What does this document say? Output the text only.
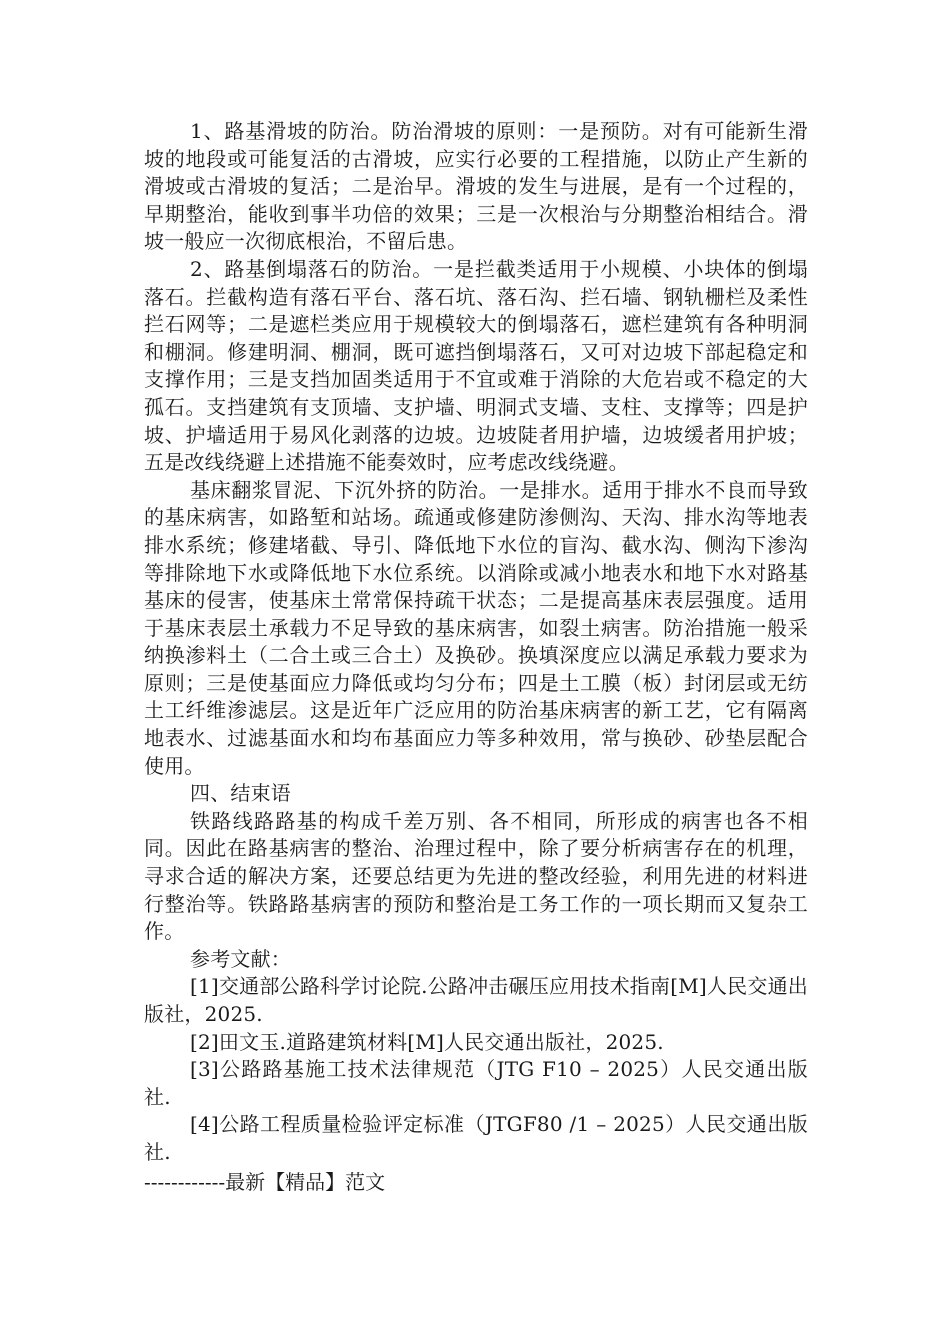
1、路基滑坡的防治。防治滑坡的原则：一是预防。对有可能新生滑坡的地段或可能复活的古滑坡，应实行必要的工程措施，以防止产生新的滑坡或古滑坡的复活；二是治早。滑坡的发生与进展，是有一个过程的，早期整治，能收到事半功倍的效果；三是一次根治与分期整治相结合。滑坡一般应一次彻底根治，不留后患。

2、路基倒塌落石的防治。一是拦截类适用于小规模、小块体的倒塌落石。拦截构造有落石平台、落石坑、落石沟、拦石墙、钢轨栅栏及柔性拦石网等；二是遮栏类应用于规模较大的倒塌落石，遮栏建筑有各种明洞和棚洞。修建明洞、棚洞，既可遮挡倒塌落石，又可对边坡下部起稳定和支撑作用；三是支挡加固类适用于不宜或难于消除的大危岩或不稳定的大孤石。支挡建筑有支顶墙、支护墙、明洞式支墙、支柱、支撑等；四是护坡、护墙适用于易风化剥落的边坡。边坡陡者用护墙，边坡缓者用护坡；五是改线绕避上述措施不能奏效时，应考虑改线绕避。

基床翻浆冒泥、下沉外挤的防治。一是排水。适用于排水不良而导致的基床病害，如路堑和站场。疏通或修建防渗侧沟、天沟、排水沟等地表排水系统；修建堵截、导引、降低地下水位的盲沟、截水沟、侧沟下渗沟等排除地下水或降低地下水位系统。以消除或减小地表水和地下水对路基基床的侵害，使基床土常常保持疏干状态；二是提高基床表层强度。适用于基床表层土承载力不足导致的基床病害，如裂土病害。防治措施一般采纳换渗料土（二合土或三合土）及换砂。换填深度应以满足承载力要求为原则；三是使基面应力降低或均匀分布；四是土工膜（板）封闭层或无纺土工纤维渗滤层。这是近年广泛应用的防治基床病害的新工艺，它有隔离地表水、过滤基面水和均布基面应力等多种效用，常与换砂、砂垫层配合使用。

四、结束语

铁路线路路基的构成千差万别、各不相同，所形成的病害也各不相同。因此在路基病害的整治、治理过程中，除了要分析病害存在的机理，寻求合适的解决方案，还要总结更为先进的整改经验，利用先进的材料进行整治等。铁路路基病害的预防和整治是工务工作的一项长期而又复杂工作。

参考文献：

[1]交通部公路科学讨论院.公路冲击碾压应用技术指南[M]人民交通出版社，2025.

[2]田文玉.道路建筑材料[M]人民交通出版社，2025.

[3]公路路基施工技术法律规范（JTG F10 – 2025）人民交通出版社.

[4]公路工程质量检验评定标准（JTGF80 /1 – 2025）人民交通出版社.

------------最新【精品】范文
